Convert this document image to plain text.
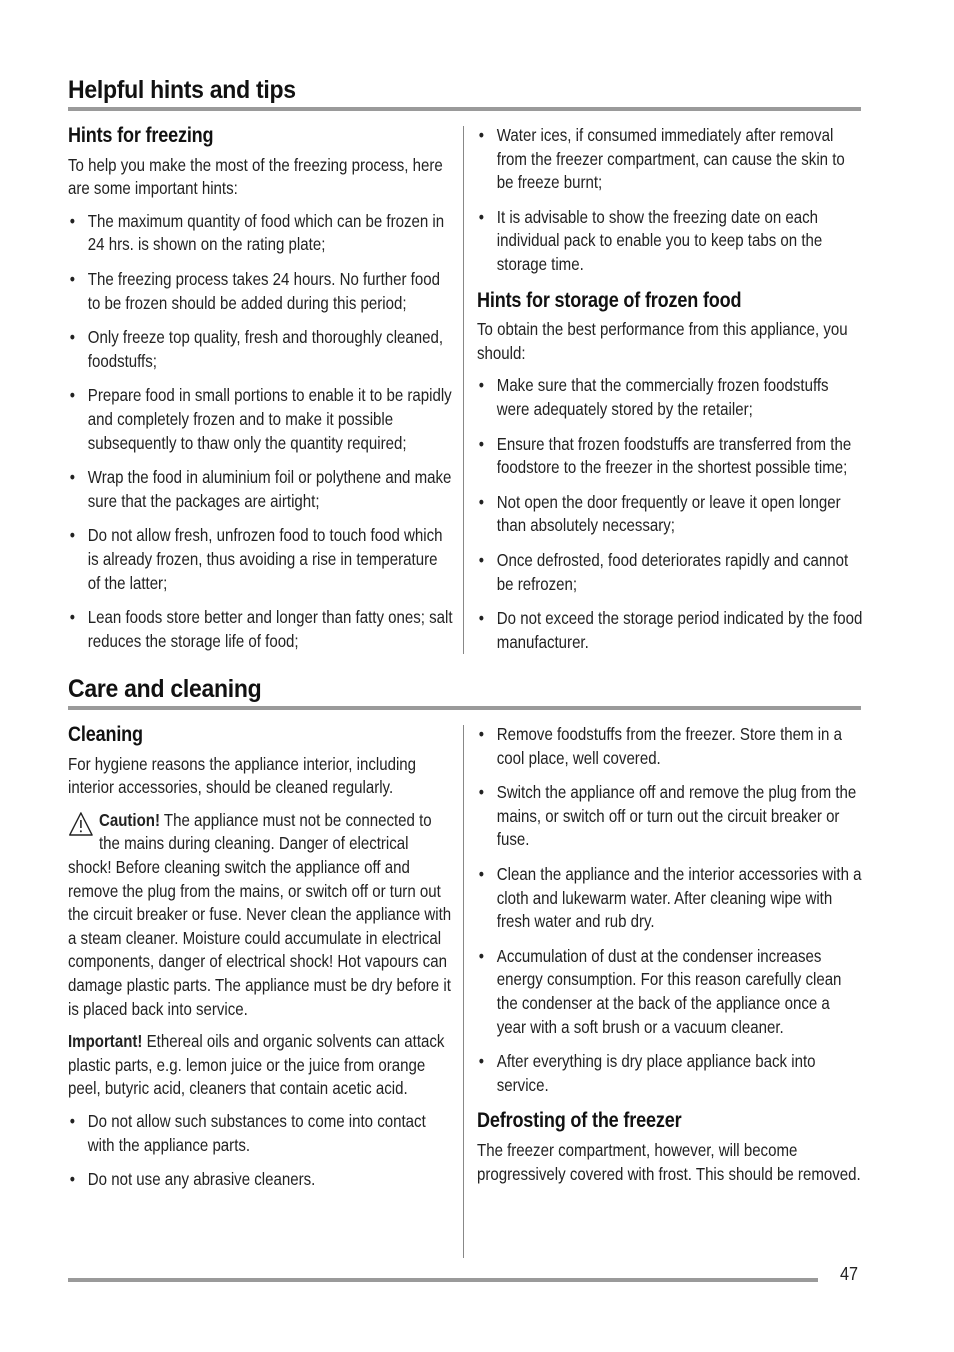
Helpful hints and tips
Hints for freezing

To help you make the most of the freezing process, here are some important hints:

• The maximum quantity of food which can be frozen in 24 hrs. is shown on the rating plate;
• The freezing process takes 24 hours. No further food to be frozen should be added during this period;
• Only freeze top quality, fresh and thoroughly cleaned, foodstuffs;
• Prepare food in small portions to enable it to be rapidly and completely frozen and to make it possible subsequently to thaw only the quantity required;
• Wrap the food in aluminium foil or polythene and make sure that the packages are airtight;
• Do not allow fresh, unfrozen food to touch food which is already frozen, thus avoiding a rise in temperature of the latter;
• Lean foods store better and longer than fatty ones; salt reduces the storage life of food;
• Water ices, if consumed immediately after removal from the freezer compartment, can cause the skin to be freeze burnt;
• It is advisable to show the freezing date on each individual pack to enable you to keep tabs on the storage time.
Hints for storage of frozen food

To obtain the best performance from this appliance, you should:

• Make sure that the commercially frozen foodstuffs were adequately stored by the retailer;
• Ensure that frozen foodstuffs are transferred from the foodstore to the freezer in the shortest possible time;
• Not open the door frequently or leave it open longer than absolutely necessary;
• Once defrosted, food deteriorates rapidly and cannot be refrozen;
• Do not exceed the storage period indicated by the food manufacturer.
Care and cleaning
Cleaning

For hygiene reasons the appliance interior, including interior accessories, should be cleaned regularly.

Caution! The appliance must not be connected to the mains during cleaning. Danger of electrical shock! Before cleaning switch the appliance off and remove the plug from the mains, or switch off or turn out the circuit breaker or fuse. Never clean the appliance with a steam cleaner. Moisture could accumulate in electrical components, danger of electrical shock! Hot vapours can damage plastic parts. The appliance must be dry before it is placed back into service.

Important! Ethereal oils and organic solvents can attack plastic parts, e.g. lemon juice or the juice from orange peel, butyric acid, cleaners that contain acetic acid.

• Do not allow such substances to come into contact with the appliance parts.
• Do not use any abrasive cleaners.
• Remove foodstuffs from the freezer. Store them in a cool place, well covered.
• Switch the appliance off and remove the plug from the mains, or switch off or turn out the circuit breaker or fuse.
• Clean the appliance and the interior accessories with a cloth and lukewarm water. After cleaning wipe with fresh water and rub dry.
• Accumulation of dust at the condenser increases energy consumption. For this reason carefully clean the condenser at the back of the appliance once a year with a soft brush or a vacuum cleaner.
• After everything is dry place appliance back into service.
Defrosting of the freezer

The freezer compartment, however, will become progressively covered with frost. This should be removed.

47
